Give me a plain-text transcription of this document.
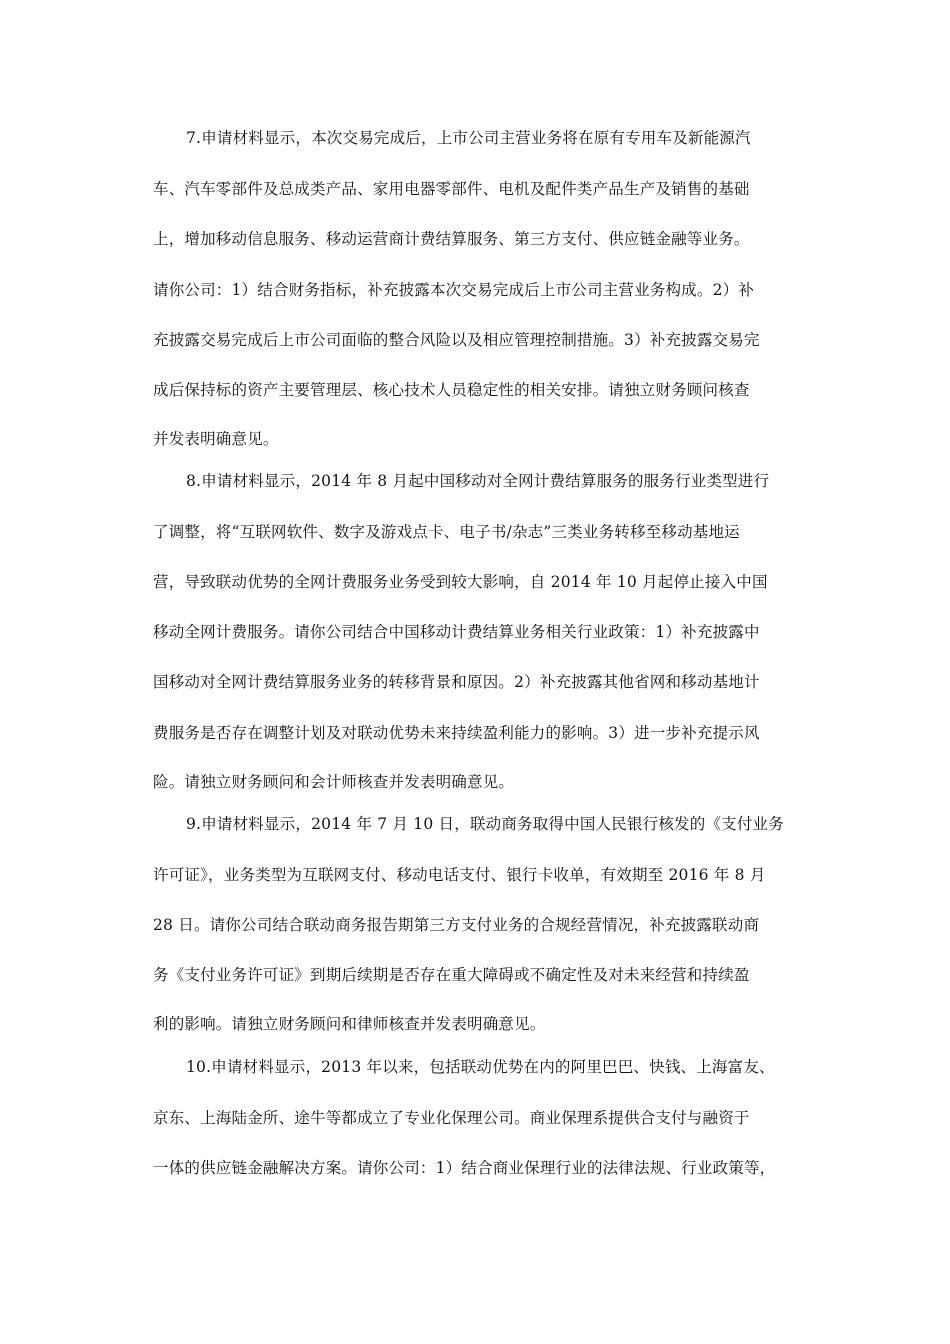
7.申请材料显示，本次交易完成后，上市公司主营业务将在原有专用车及新能源汽
车、汽车零部件及总成类产品、家用电器零部件、电机及配件类产品生产及销售的基础
上，增加移动信息服务、移动运营商计费结算服务、第三方支付、供应链金融等业务。
请你公司：1）结合财务指标，补充披露本次交易完成后上市公司主营业务构成。2）补
充披露交易完成后上市公司面临的整合风险以及相应管理控制措施。3）补充披露交易完
成后保持标的资产主要管理层、核心技术人员稳定性的相关安排。请独立财务顾问核查
并发表明确意见。
8.申请材料显示，2014 年 8 月起中国移动对全网计费结算服务的服务行业类型进行
了调整，将“互联网软件、数字及游戏点卡、电子书/杂志”三类业务转移至移动基地运
营，导致联动优势的全网计费服务业务受到较大影响，自 2014 年 10 月起停止接入中国
移动全网计费服务。请你公司结合中国移动计费结算业务相关行业政策：1）补充披露中
国移动对全网计费结算服务业务的转移背景和原因。2）补充披露其他省网和移动基地计
费服务是否存在调整计划及对联动优势未来持续盈利能力的影响。3）进一步补充提示风
险。请独立财务顾问和会计师核查并发表明确意见。
9.申请材料显示，2014 年 7 月 10 日，联动商务取得中国人民银行核发的《支付业务
许可证》，业务类型为互联网支付、移动电话支付、银行卡收单，有效期至 2016 年 8 月
28 日。请你公司结合联动商务报告期第三方支付业务的合规经营情况，补充披露联动商
务《支付业务许可证》到期后续期是否存在重大障碍或不确定性及对未来经营和持续盈
利的影响。请独立财务顾问和律师核查并发表明确意见。
10.申请材料显示，2013 年以来，包括联动优势在内的阿里巴巴、快钱、上海富友、
京东、上海陆金所、途牛等都成立了专业化保理公司。商业保理系提供合支付与融资于
一体的供应链金融解决方案。请你公司：1）结合商业保理行业的法律法规、行业政策等，
